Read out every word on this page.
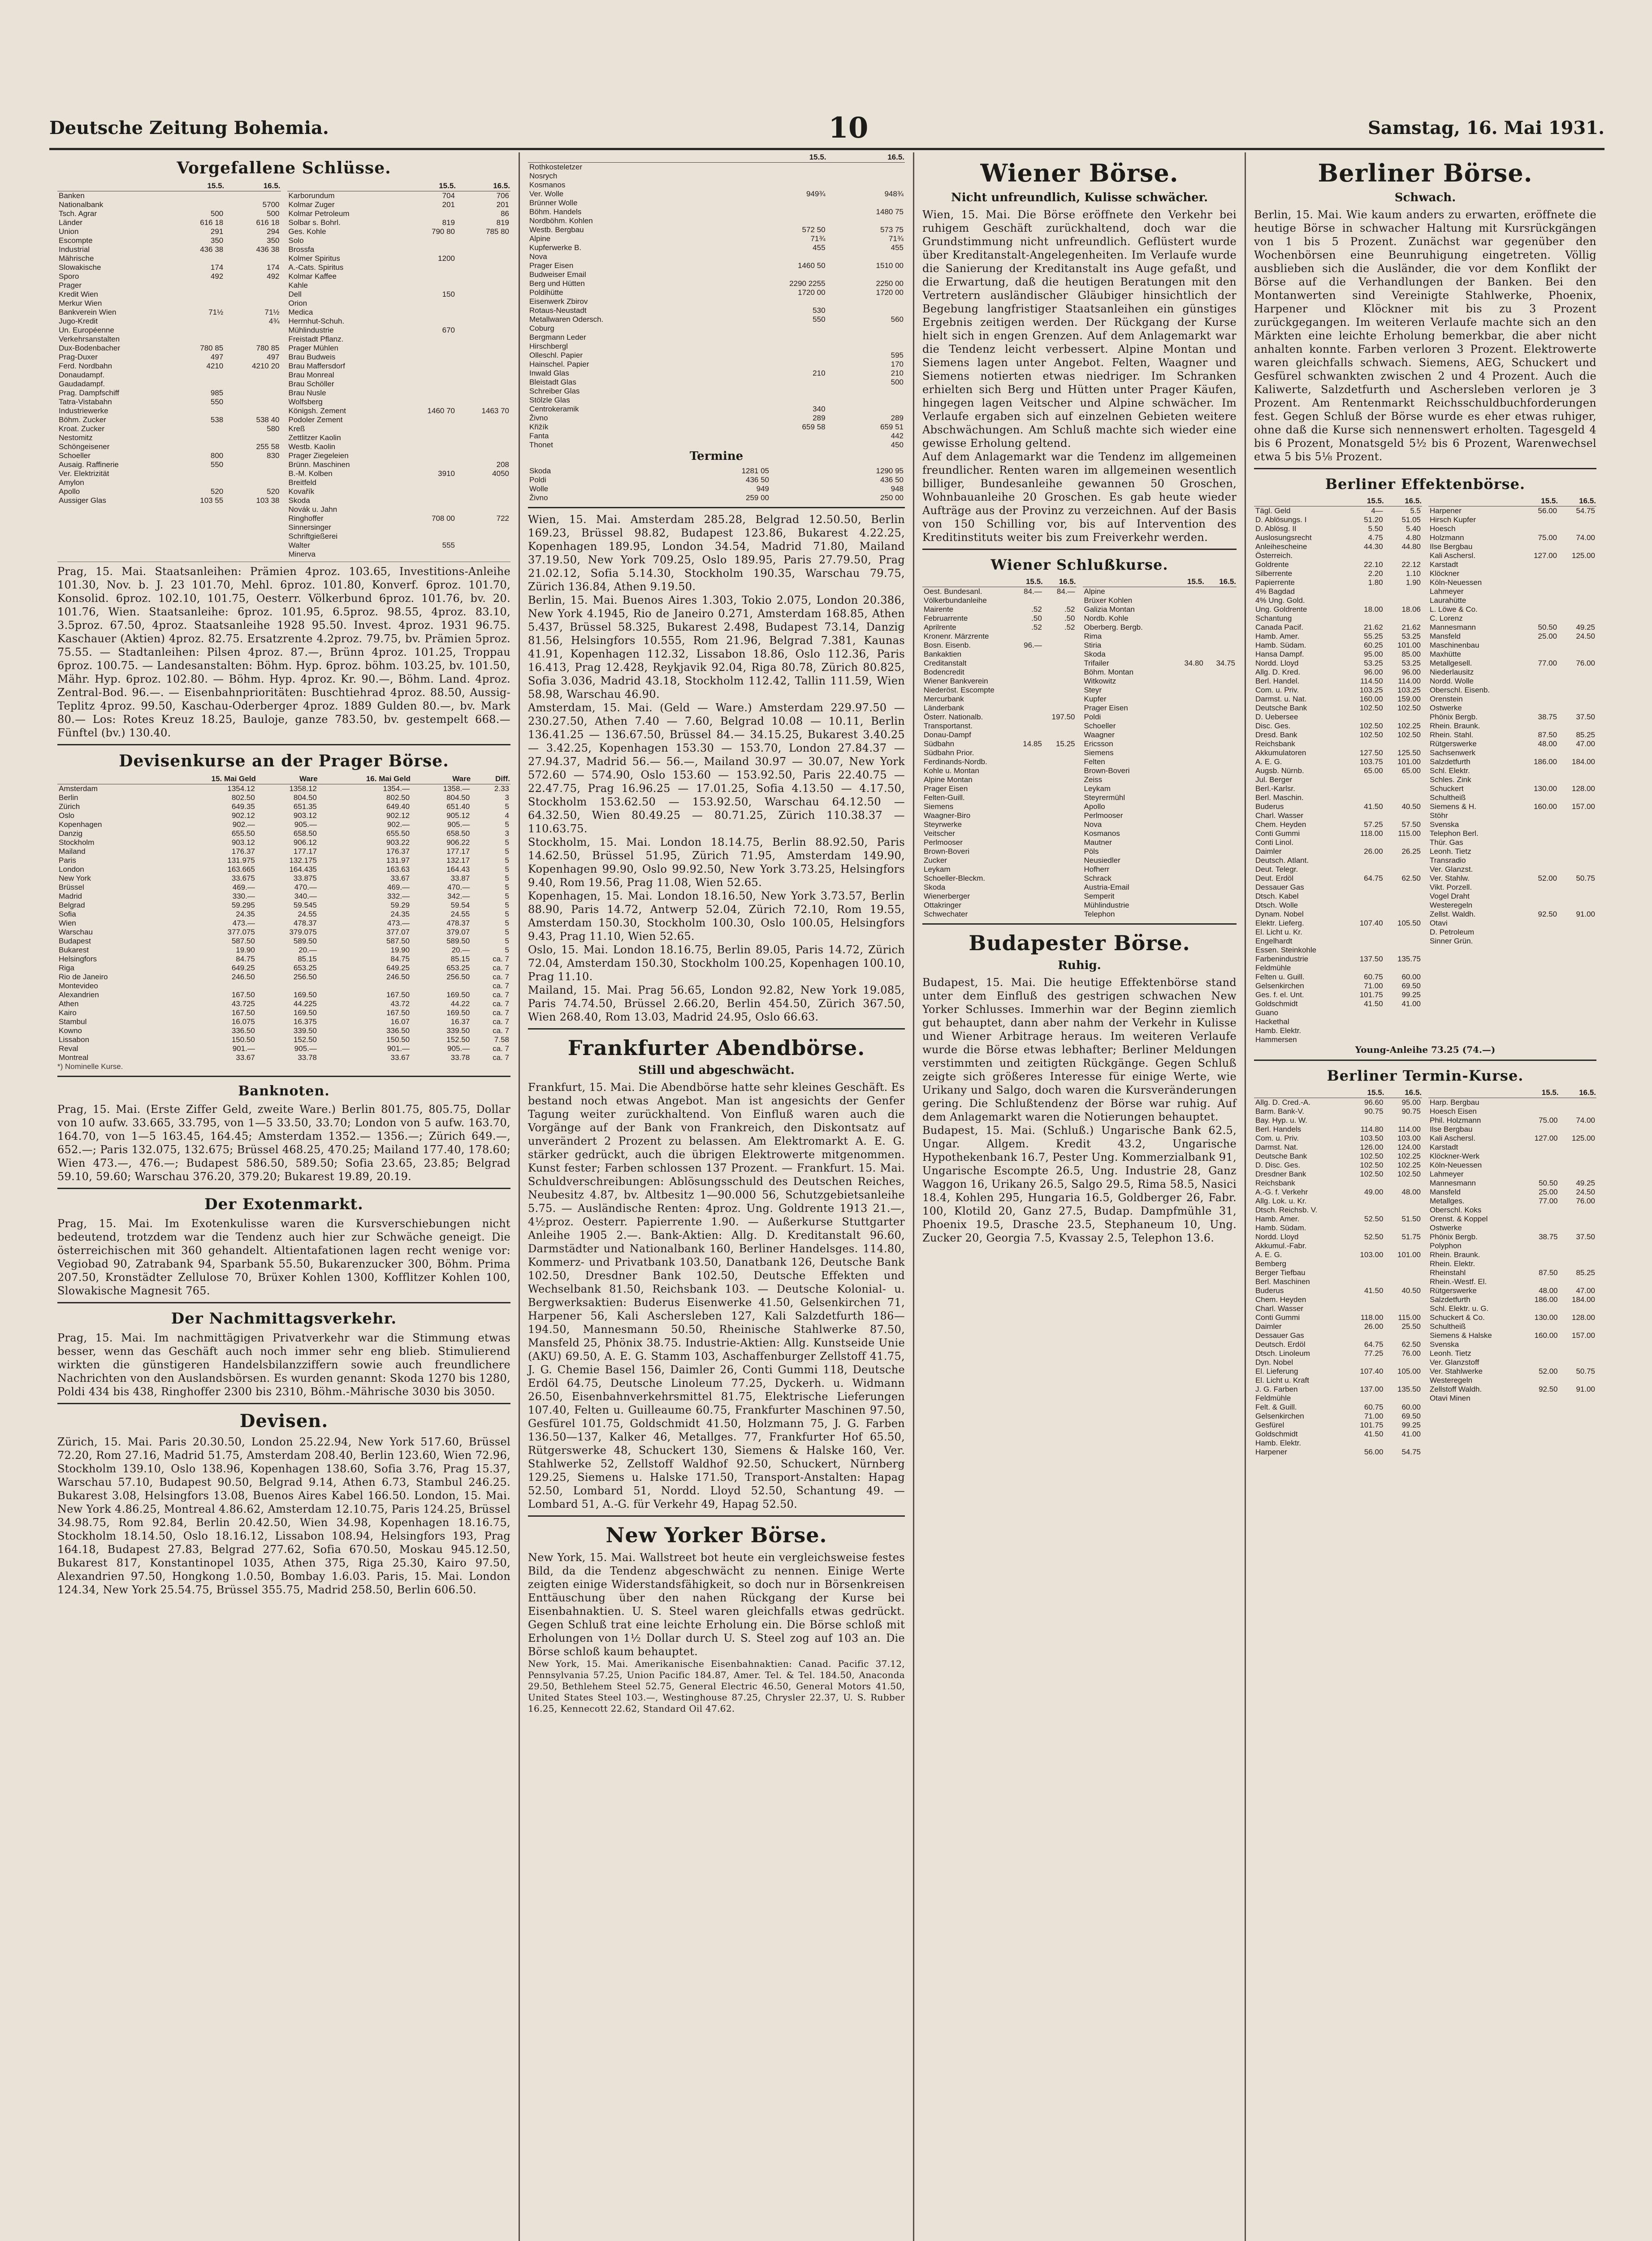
Deutsche Zeitung Bohemia.	10	Samstag, 16. Mai 1931.
Vorgefallene Schlüsse.
	15.5.	16.5.
Banken		
Nationalbank		5700
Tsch. Agrar	500	500
Länder	616 18	616 18
Union	291	294
Escompte	350	350
Industrial	436 38	436 38
Mährische		
Slowakische	174	174
Sporo	492	492
Prager		
Kredit Wien		
Merkur Wien		
Bankverein Wien	71½	71½
Jugo-Kredit		4¾
Un. Européenne		
Verkehrsanstalten		
Dux-Bodenbacher	780 85	780 85
Prag-Duxer	497	497
Ferd. Nordbahn	4210	4210 20
Donaudampf.		
Gaudadampf.		
Prag. Dampfschiff	985	
Tatra-Vistabahn	550	
Industriewerke		
Böhm. Zucker	538	538 40
Kroat. Zucker		580
Nestomitz		
Schöngeisener		255 58
Schoeller	800	830
Ausaig. Raffinerie	550	
Ver. Elektrizität		
Amylon		
Apollo	520	520
Aussiger Glas	103 55	103 38
	15.5.	16.5.
Karborundum	704	706
Kolmar Zuger	201	201
Kolmar Petroleum		86
Solbar s. Bohrl.	819	819
Ges. Kohle	790 80	785 80
Solo		
Brossfa		
Kolmer Spiritus	1200	
A.-Cats. Spiritus		
Kolmar Kaffee		
Kahle		
Dell	150	
Orion		
Medica		
Herrnhut-Schuh.		
Mühlindustrie	670	
Freistadt Pflanz.		
Prager Mühlen		
Brau Budweis		
Brau Maffersdorf		
Brau Monreal		
Brau Schöller		
Brau Nusle		
Wolfsberg		
Königsh. Zement	1460 70	1463 70
Podoler Zement		
Kreß		
Zettlitzer Kaolin		
Westb. Kaolin		
Prager Ziegeleien		
Brünn. Maschinen		208
B.-M. Kolben	3910	4050
Breitfeld		
Kovařík		
Skoda		
Novák u. Jahn		
Ringhoffer	708 00	722
Sinnersinger		
Schriftgießerei		
Walter	555	
Minerva		
Prag, 15. Mai. Staatsanleihen: Prämien 4proz. 103.65, Investitions-Anleihe 101.30, Nov. b. J. 23 101.70, Mehl. 6proz. 101.80, Konverf. 6proz. 101.70, Konsolid. 6proz. 102.10, 101.75, Oesterr. Völkerbund 6proz. 101.76, bv. 20. 101.76, Wien. Staatsanleihe: 6proz. 101.95, 6.5proz. 98.55, 4proz. 83.10, 3.5proz. 67.50, 4proz. Staatsanleihe 1928 95.50. Invest. 4proz. 1931 96.75. Kaschauer (Aktien) 4proz. 82.75. Ersatzrente 4.2proz. 79.75, bv. Prämien 5proz. 75.55. — Stadtanleihen: Pilsen 4proz. 87.—, Brünn 4proz. 101.25, Troppau 6proz. 100.75. — Landesanstalten: Böhm. Hyp. 6proz. böhm. 103.25, bv. 101.50, Mähr. Hyp. 6proz. 102.80. — Böhm. Hyp. 4proz. Kr. 90.—, Böhm. Land. 4proz. Zentral-Bod. 96.—. — Eisenbahnprioritäten: Buschtiehrad 4proz. 88.50, Aussig-Teplitz 4proz. 99.50, Kaschau-Oderberger 4proz. 1889 Gulden 80.—, bv. Mark 80.— Los: Rotes Kreuz 18.25, Bauloje, ganze 783.50, bv. gestempelt 668.— Fünftel (bv.) 130.40.
Devisenkurse an der Prager Börse.
	15. Mai Geld	Ware	16. Mai Geld	Ware	Diff.
Amsterdam	1354.12	1358.12	1354.—	1358.—	2.33
Berlin	802.50	804.50	802.50	804.50	3
Zürich	649.35	651.35	649.40	651.40	5
Oslo	902.12	903.12	902.12	905.12	4
Kopenhagen	902.—	905.—	902.—	905.—	5
Danzig	655.50	658.50	655.50	658.50	3
Stockholm	903.12	906.12	903.22	906.22	5
Mailand	176.37	177.17	176.37	177.17	5
Paris	131.975	132.175	131.97	132.17	5
London	163.665	164.435	163.63	164.43	5
New York	33.675	33.875	33.67	33.87	5
Brüssel	469.—	470.—	469.—	470.—	5
Madrid	330.—	340.—	332.—	342.—	5
Belgrad	59.295	59.545	59.29	59.54	5
Sofia	24.35	24.55	24.35	24.55	5
Wien	473.—	478.37	473.—	478.37	5
Warschau	377.075	379.075	377.07	379.07	5
Budapest	587.50	589.50	587.50	589.50	5
Bukarest	19.90	20.—	19.90	20.—	5
Helsingfors	84.75	85.15	84.75	85.15	ca. 7
Riga	649.25	653.25	649.25	653.25	ca. 7
Rio de Janeiro	246.50	256.50	246.50	256.50	ca. 7
Montevideo					ca. 7
Alexandrien	167.50	169.50	167.50	169.50	ca. 7
Athen	43.725	44.225	43.72	44.22	ca. 7
Kairo	167.50	169.50	167.50	169.50	ca. 7
Stambul	16.075	16.375	16.07	16.37	ca. 7
Kowno	336.50	339.50	336.50	339.50	ca. 7
Lissabon	150.50	152.50	150.50	152.50	7.58
Reval	901.—	905.—	901.—	905.—	ca. 7
Montreal	33.67	33.78	33.67	33.78	ca. 7
*) Nominelle Kurse.
Banknoten.
Prag, 15. Mai. (Erste Ziffer Geld, zweite Ware.) Berlin 801.75, 805.75, Dollar von 10 aufw. 33.665, 33.795, von 1—5 33.50, 33.70; London von 5 aufw. 163.70, 164.70, von 1—5 163.45, 164.45; Amsterdam 1352.— 1356.—; Zürich 649.—, 652.—; Paris 132.075, 132.675; Brüssel 468.25, 470.25; Mailand 177.40, 178.60; Wien 473.—, 476.—; Budapest 586.50, 589.50; Sofia 23.65, 23.85; Belgrad 59.10, 59.60; Warschau 376.20, 379.20; Bukarest 19.89, 20.19.
Der Exotenmarkt.
Prag, 15. Mai. Im Exotenkulisse waren die Kursverschiebungen nicht bedeutend, trotzdem war die Tendenz auch hier zur Schwäche geneigt. Die österreichischen mit 360 gehandelt. Altientafationen lagen recht wenige vor: Vegiobad 90, Zatrabank 94, Sparbank 55.50, Bukarenzucker 300, Böhm. Prima 207.50, Kronstädter Zellulose 70, Brüxer Kohlen 1300, Kofflitzer Kohlen 100, Slowakische Magnesit 765.
Der Nachmittagsverkehr.
Prag, 15. Mai. Im nachmittägigen Privatverkehr war die Stimmung etwas besser, wenn das Geschäft auch noch immer sehr eng blieb. Stimulierend wirkten die günstigeren Handelsbilanzziffern sowie auch freundlichere Nachrichten von den Auslandsbörsen. Es wurden genannt: Skoda 1270 bis 1280, Poldi 434 bis 438, Ringhoffer 2300 bis 2310, Böhm.-Mährische 3030 bis 3050.
Devisen.
Zürich, 15. Mai. Paris 20.30.50, London 25.22.94, New York 517.60, Brüssel 72.20, Rom 27.16, Madrid 51.75, Amsterdam 208.40, Berlin 123.60, Wien 72.96, Stockholm 139.10, Oslo 138.96, Kopenhagen 138.60, Sofia 3.76, Prag 15.37, Warschau 57.10, Budapest 90.50, Belgrad 9.14, Athen 6.73, Stambul 246.25. Bukarest 3.08, Helsingfors 13.08, Buenos Aires Kabel 166.50. London, 15. Mai. New York 4.86.25, Montreal 4.86.62, Amsterdam 12.10.75, Paris 124.25, Brüssel 34.98.75, Rom 92.84, Berlin 20.42.50, Wien 34.98, Kopenhagen 18.16.75, Stockholm 18.14.50, Oslo 18.16.12, Lissabon 108.94, Helsingfors 193, Prag 164.18, Budapest 27.83, Belgrad 277.62, Sofia 670.50, Moskau 945.12.50, Bukarest 817, Konstantinopel 1035, Athen 375, Riga 25.30, Kairo 97.50, Alexandrien 97.50, Hongkong 1.0.50, Bombay 1.6.03. Paris, 15. Mai. London 124.34, New York 25.54.75, Brüssel 355.75, Madrid 258.50, Berlin 606.50.
	15.5.	16.5.
Rothkosteletzer		
Nosrych		
Kosmanos		
Ver. Wolle	949¾	948¾
Brünner Wolle		
Böhm. Handels		1480 75
Nordböhm. Kohlen		
Westb. Bergbau	572 50	573 75
Alpine	71¾	71¾
Kupferwerke B.	455	455
Nova		
Prager Eisen	1460 50	1510 00
Budweiser Email		
Berg und Hütten	2290 2255	2250 00
Poldihütte	1720 00	1720 00
Eisenwerk Zbirov		
Rotaus-Neustadt	530	
Metallwaren Odersch.	550	560
Coburg		
Bergmann Leder		
Hirschbergl		
Olleschl. Papier		595
Hainschel. Papier		170
Inwald Glas	210	210
Bleistadt Glas		500
Schreiber Glas		
Stölzle Glas		
Centrokeramik	340	
Živno	289	289
Křižík	659 58	659 51
Fanta		442
Thonet		450
Termine
Skoda	1281 05	1290 95
Poldi	436 50	436 50
Wolle	949	948
Živno	259 00	250 00
Wien, 15. Mai. Amsterdam 285.28, Belgrad 12.50.50, Berlin 169.23, Brüssel 98.82, Budapest 123.86, Bukarest 4.22.25, Kopenhagen 189.95, London 34.54, Madrid 71.80, Mailand 37.19.50, New York 709.25, Oslo 189.95, Paris 27.79.50, Prag 21.02.12, Sofia 5.14.30, Stockholm 190.35, Warschau 79.75, Zürich 136.84, Athen 9.19.50.
Berlin, 15. Mai. Buenos Aires 1.303, Tokio 2.075, London 20.386, New York 4.1945, Rio de Janeiro 0.271, Amsterdam 168.85, Athen 5.437, Brüssel 58.325, Bukarest 2.498, Budapest 73.14, Danzig 81.56, Helsingfors 10.555, Rom 21.96, Belgrad 7.381, Kaunas 41.91, Kopenhagen 112.32, Lissabon 18.86, Oslo 112.36, Paris 16.413, Prag 12.428, Reykjavik 92.04, Riga 80.78, Zürich 80.825, Sofia 3.036, Madrid 43.18, Stockholm 112.42, Tallin 111.59, Wien 58.98, Warschau 46.90.
Amsterdam, 15. Mai. (Geld — Ware.) Amsterdam 229.97.50 — 230.27.50, Athen 7.40 — 7.60, Belgrad 10.08 — 10.11, Berlin 136.41.25 — 136.67.50, Brüssel 84.— 34.15.25, Bukarest 3.40.25 — 3.42.25, Kopenhagen 153.30 — 153.70, London 27.84.37 — 27.94.37, Madrid 56.— 56.—, Mailand 30.97 — 30.07, New York 572.60 — 574.90, Oslo 153.60 — 153.92.50, Paris 22.40.75 — 22.47.75, Prag 16.96.25 — 17.01.25, Sofia 4.13.50 — 4.17.50, Stockholm 153.62.50 — 153.92.50, Warschau 64.12.50 — 64.32.50, Wien 80.49.25 — 80.71.25, Zürich 110.38.37 — 110.63.75.
Stockholm, 15. Mai. London 18.14.75, Berlin 88.92.50, Paris 14.62.50, Brüssel 51.95, Zürich 71.95, Amsterdam 149.90, Kopenhagen 99.90, Oslo 99.92.50, New York 3.73.25, Helsingfors 9.40, Rom 19.56, Prag 11.08, Wien 52.65.
Kopenhagen, 15. Mai. London 18.16.50, New York 3.73.57, Berlin 88.90, Paris 14.72, Antwerp 52.04, Zürich 72.10, Rom 19.55, Amsterdam 150.30, Stockholm 100.30, Oslo 100.05, Helsingfors 9.43, Prag 11.10, Wien 52.65.
Oslo, 15. Mai. London 18.16.75, Berlin 89.05, Paris 14.72, Zürich 72.04, Amsterdam 150.30, Stockholm 100.25, Kopenhagen 100.10, Prag 11.10.
Mailand, 15. Mai. Prag 56.65, London 92.82, New York 19.085, Paris 74.74.50, Brüssel 2.66.20, Berlin 454.50, Zürich 367.50, Wien 268.40, Rom 13.03, Madrid 24.95, Oslo 66.63.
Frankfurter Abendbörse.
Still und abgeschwächt.
Frankfurt, 15. Mai. Die Abendbörse hatte sehr kleines Geschäft. Es bestand noch etwas Angebot. Man ist angesichts der Genfer Tagung weiter zurückhaltend. Von Einfluß waren auch die Vorgänge auf der Bank von Frankreich, den Diskontsatz auf unverändert 2 Prozent zu belassen. Am Elektromarkt A. E. G. stärker gedrückt, auch die übrigen Elektrowerte mitgenommen. Kunst fester; Farben schlossen 137 Prozent. — Frankfurt. 15. Mai. Schuldverschreibungen: Ablösungsschuld des Deutschen Reiches, Neubesitz 4.87, bv. Altbesitz 1—90.000 56, Schutzgebietsanleihe 5.75. — Ausländische Renten: 4proz. Ung. Goldrente 1913 21.—, 4½proz. Oesterr. Papierrente 1.90. — Außerkurse Stuttgarter Anleihe 1905 2.—. Bank-Aktien: Allg. D. Kreditanstalt 96.60, Darmstädter und Nationalbank 160, Berliner Handelsges. 114.80, Kommerz- und Privatbank 103.50, Danatbank 126, Deutsche Bank 102.50, Dresdner Bank 102.50, Deutsche Effekten und Wechselbank 81.50, Reichsbank 103. — Deutsche Kolonial- u. Bergwerksaktien: Buderus Eisenwerke 41.50, Gelsenkirchen 71, Harpener 56, Kali Aschersleben 127, Kali Salzdetfurth 186—194.50, Mannesmann 50.50, Rheinische Stahlwerke 87.50, Mansfeld 25, Phönix 38.75. Industrie-Aktien: Allg. Kunstseide Unie (AKU) 69.50, A. E. G. Stamm 103, Aschaffenburger Zellstoff 41.75, J. G. Chemie Basel 156, Daimler 26, Conti Gummi 118, Deutsche Erdöl 64.75, Deutsche Linoleum 77.25, Dyckerh. u. Widmann 26.50, Eisenbahnverkehrsmittel 81.75, Elektrische Lieferungen 107.40, Felten u. Guilleaume 60.75, Frankfurter Maschinen 97.50, Gesfürel 101.75, Goldschmidt 41.50, Holzmann 75, J. G. Farben 136.50—137, Kalker 46, Metallges. 77, Frankfurter Hof 65.50, Rütgerswerke 48, Schuckert 130, Siemens & Halske 160, Ver. Stahlwerke 52, Zellstoff Waldhof 92.50, Schuckert, Nürnberg 129.25, Siemens u. Halske 171.50, Transport-Anstalten: Hapag 52.50, Lombard 51, Nordd. Lloyd 52.50, Schantung 49. — Lombard 51, A.-G. für Verkehr 49, Hapag 52.50.
New Yorker Börse.
New York, 15. Mai. Wallstreet bot heute ein vergleichsweise festes Bild, da die Tendenz abgeschwächt zu nennen. Einige Werte zeigten einige Widerstandsfähigkeit, so doch nur in Börsenkreisen Enttäuschung über den nahen Rückgang der Kurse bei Eisenbahnaktien. U. S. Steel waren gleichfalls etwas gedrückt. Gegen Schluß trat eine leichte Erholung ein. Die Börse schloß mit Erholungen von 1½ Dollar durch U. S. Steel zog auf 103 an. Die Börse schloß kaum behauptet.
New York, 15. Mai. Amerikanische Eisenbahnaktien: Canad. Pacific 37.12, Pennsylvania 57.25, Union Pacific 184.87, Amer. Tel. & Tel. 184.50, Anaconda 29.50, Bethlehem Steel 52.75, General Electric 46.50, General Motors 41.50, United States Steel 103.—, Westinghouse 87.25, Chrysler 22.37, U. S. Rubber 16.25, Kennecott 22.62, Standard Oil 47.62.
Wiener Börse.
Nicht unfreundlich, Kulisse schwächer.
Wien, 15. Mai. Die Börse eröffnete den Verkehr bei ruhigem Geschäft zurückhaltend, doch war die Grundstimmung nicht unfreundlich. Geflüstert wurde über Kreditanstalt-Angelegenheiten. Im Verlaufe wurde die Sanierung der Kreditanstalt ins Auge gefaßt, und die Erwartung, daß die heutigen Beratungen mit den Vertretern ausländischer Gläubiger hinsichtlich der Begebung langfristiger Staatsanleihen ein günstiges Ergebnis zeitigen werden. Der Rückgang der Kurse hielt sich in engen Grenzen. Auf dem Anlagemarkt war die Tendenz leicht verbessert. Alpine Montan und Siemens lagen unter Angebot. Felten, Waagner und Siemens notierten etwas niedriger. Im Schranken erhielten sich Berg und Hütten unter Prager Käufen, hingegen lagen Veitscher und Alpine schwächer. Im Verlaufe ergaben sich auf einzelnen Gebieten weitere Abschwächungen. Am Schluß machte sich wieder eine gewisse Erholung geltend.
Auf dem Anlagemarkt war die Tendenz im allgemeinen freundlicher. Renten waren im allgemeinen wesentlich billiger, Bundesanleihe gewannen 50 Groschen, Wohnbauanleihe 20 Groschen. Es gab heute wieder Aufträge aus der Provinz zu verzeichnen. Auf der Basis von 150 Schilling vor, bis auf Intervention des Kreditinstituts weiter bis zum Freiverkehr werden.
Wiener Schlußkurse.
	15.5.	16.5.
Oest. Bundesanl.	84.—	84.—
Völkerbundanleihe		
Mairente	.52	.52
Februarrente	.50	.50
Aprilrente	.52	.52
Kronenr. Märzrente		
Bosn. Eisenb.	96.—	
Bankaktien		
Creditanstalt		
Bodencredit		
Wiener Bankverein		
Niederöst. Escompte		
Mercurbank		
Länderbank		
Österr. Nationalb.		197.50
Transportanst.		
Donau-Dampf		
Südbahn	14.85	15.25
Südbahn Prior.		
Ferdinands-Nordb.		
Kohle u. Montan		
Alpine Montan		
Prager Eisen		
Felten-Guill.		
Siemens		
Waagner-Biro		
Steyrwerke		
Veitscher		
Perlmooser		
Brown-Boveri		
Zucker		
Leykam		
Schoeller-Bleckm.		
Skoda		
Wienerberger		
Ottakringer		
Schwechater		
	15.5.	16.5.
Alpine		
Brüxer Kohlen		
Galizia Montan		
Nordb. Kohle		
Oberberg. Bergb.		
Rima		
Stiria		
Skoda		
Trifailer	34.80	34.75
Böhm. Montan		
Witkowitz		
Steyr		
Kupfer		
Prager Eisen		
Poldi		
Schoeller		
Waagner		
Ericsson		
Siemens		
Felten		
Brown-Boveri		
Zeiss		
Leykam		
Steyrermühl		
Apollo		
Perlmooser		
Nova		
Kosmanos		
Mautner		
Pöls		
Neusiedler		
Hofherr		
Schrack		
Austria-Email		
Semperit		
Mühlindustrie		
Telephon		
Budapester Börse.
Ruhig.
Budapest, 15. Mai. Die heutige Effektenbörse stand unter dem Einfluß des gestrigen schwachen New Yorker Schlusses. Immerhin war der Beginn ziemlich gut behauptet, dann aber nahm der Verkehr in Kulisse und Wiener Arbitrage heraus. Im weiteren Verlaufe wurde die Börse etwas lebhafter; Berliner Meldungen verstimmten und zeitigten Rückgänge. Gegen Schluß zeigte sich größeres Interesse für einige Werte, wie Urikany und Salgo, doch waren die Kursveränderungen gering. Die Schlußtendenz der Börse war ruhig. Auf dem Anlagemarkt waren die Notierungen behauptet.
Budapest, 15. Mai. (Schluß.) Ungarische Bank 62.5, Ungar. Allgem. Kredit 43.2, Ungarische Hypothekenbank 16.7, Pester Ung. Kommerzialbank 91, Ungarische Escompte 26.5, Ung. Industrie 28, Ganz Waggon 16, Urikany 26.5, Salgo 29.5, Rima 58.5, Nasici 18.4, Kohlen 295, Hungaria 16.5, Goldberger 26, Fabr. 100, Klotild 20, Ganz 27.5, Budap. Dampfmühle 31, Phoenix 19.5, Drasche 23.5, Stephaneum 10, Ung. Zucker 20, Georgia 7.5, Kvassay 2.5, Telephon 13.6.
Berliner Börse.
Schwach.
Berlin, 15. Mai. Wie kaum anders zu erwarten, eröffnete die heutige Börse in schwacher Haltung mit Kursrückgängen von 1 bis 5 Prozent. Zunächst war gegenüber den Wochenbörsen eine Beunruhigung eingetreten. Völlig ausblieben sich die Ausländer, die vor dem Konflikt der Börse auf die Verhandlungen der Banken. Bei den Montanwerten sind Vereinigte Stahlwerke, Phoenix, Harpener und Klöckner mit bis zu 3 Prozent zurückgegangen. Im weiteren Verlaufe machte sich an den Märkten eine leichte Erholung bemerkbar, die aber nicht anhalten konnte. Farben verloren 3 Prozent. Elektrowerte waren gleichfalls schwach. Siemens, AEG, Schuckert und Gesfürel schwankten zwischen 2 und 4 Prozent. Auch die Kaliwerte, Salzdetfurth und Aschersleben verloren je 3 Prozent. Am Rentenmarkt Reichsschuldbuchforderungen fest. Gegen Schluß der Börse wurde es eher etwas ruhiger, ohne daß die Kurse sich nennenswert erholten. Tagesgeld 4 bis 6 Prozent, Monatsgeld 5½ bis 6 Prozent, Warenwechsel etwa 5 bis 5⅛ Prozent.
Berliner Effektenbörse.
	15.5.	16.5.
Tägl. Geld	4—	5.5
D. Ablösungs. I	51.20	51.05
D. Ablösg. II	5.50	5.40
Auslosungsrecht	4.75	4.80
Anleihescheine	44.30	44.80
Österreich.		
Goldrente	22.10	22.12
Silberrente	2.20	1.10
Papierrente	1.80	1.90
4% Bagdad		
4% Ung. Gold.		
Ung. Goldrente	18.00	18.06
Schantung		
Canada Pacif.	21.62	21.62
Hamb. Amer.	55.25	53.25
Hamb. Südam.	60.25	101.00
Hansa Dampf.	95.00	85.00
Nordd. Lloyd	53.25	53.25
Allg. D. Kred.	96.00	96.00
Berl. Handel.	114.50	114.00
Com. u. Priv.	103.25	103.25
Darmst. u. Nat.	160.00	159.00
Deutsche Bank	102.50	102.50
D. Uebersee		
Disc. Ges.	102.50	102.25
Dresd. Bank	102.50	102.50
Reichsbank		
Akkumulatoren	127.50	125.50
A. E. G.	103.75	101.00
Augsb. Nürnb.	65.00	65.00
Jul. Berger		
Berl.-Karlsr.		
Berl. Maschin.		
Buderus	41.50	40.50
Charl. Wasser		
Chem. Heyden	57.25	57.50
Conti Gummi	118.00	115.00
Conti Linol.		
Daimler	26.00	26.25
Deutsch. Atlant.		
Deut. Telegr.		
Deut. Erdöl	64.75	62.50
Dessauer Gas		
Dtsch. Kabel		
Dtsch. Wolle		
Dynam. Nobel		
Elektr. Lieferg.	107.40	105.50
El. Licht u. Kr.		
Engelhardt		
Essen. Steinkohle		
Farbenindustrie	137.50	135.75
Feldmühle		
Felten u. Guill.	60.75	60.00
Gelsenkirchen	71.00	69.50
Ges. f. el. Unt.	101.75	99.25
Goldschmidt	41.50	41.00
Guano		
Hackethal		
Hamb. Elektr.		
Hammersen		
	15.5.	16.5.
Harpener	56.00	54.75
Hirsch Kupfer		
Hoesch		
Holzmann	75.00	74.00
Ilse Bergbau		
Kali Aschersl.	127.00	125.00
Karstadt		
Klöckner		
Köln-Neuessen		
Lahmeyer		
Laurahütte		
L. Löwe & Co.		
C. Lorenz		
Mannesmann	50.50	49.25
Mansfeld	25.00	24.50
Maschinenbau		
Maxhütte		
Metallgesell.	77.00	76.00
Niederlausitz		
Nordd. Wolle		
Oberschl. Eisenb.		
Orenstein		
Ostwerke		
Phönix Bergb.	38.75	37.50
Rhein. Braunk.		
Rhein. Stahl.	87.50	85.25
Rütgerswerke	48.00	47.00
Sachsenwerk		
Salzdetfurth	186.00	184.00
Schl. Elektr.		
Schles. Zink		
Schuckert	130.00	128.00
Schultheiß		
Siemens & H.	160.00	157.00
Stöhr		
Svenska		
Telephon Berl.		
Thür. Gas		
Leonh. Tietz		
Transradio		
Ver. Glanzst.		
Ver. Stahlw.	52.00	50.75
Vikt. Porzell.		
Vogel Draht		
Westeregeln		
Zellst. Waldh.	92.50	91.00
Otavi		
D. Petroleum		
Sinner Grün.		
Young-Anleihe 73.25 (74.—)
Berliner Termin-Kurse.
	15.5.	16.5.
Allg. D. Cred.-A.	96.60	95.00
Barm. Bank-V.	90.75	90.75
Bay. Hyp. u. W.		
Berl. Handels	114.80	114.00
Com. u. Priv.	103.50	103.00
Darmst. Nat.	126.00	124.00
Deutsche Bank	102.50	102.25
D. Disc. Ges.	102.50	102.25
Dresdner Bank	102.50	102.50
Reichsbank		
A.-G. f. Verkehr	49.00	48.00
Allg. Lok. u. Kr.		
Dtsch. Reichsb. V.		
Hamb. Amer.	52.50	51.50
Hamb. Südam.		
Nordd. Lloyd	52.50	51.75
Akkumul.-Fabr.		
A. E. G.	103.00	101.00
Bemberg		
Berger Tiefbau		
Berl. Maschinen		
Buderus	41.50	40.50
Chem. Heyden		
Charl. Wasser		
Conti Gummi	118.00	115.00
Daimler	26.00	25.50
Dessauer Gas		
Deutsch. Erdöl	64.75	62.50
Dtsch. Linoleum	77.25	76.00
Dyn. Nobel		
El. Lieferung	107.40	105.00
El. Licht u. Kraft		
J. G. Farben	137.00	135.50
Feldmühle		
Felt. & Guill.	60.75	60.00
Gelsenkirchen	71.00	69.50
Gesfürel	101.75	99.25
Goldschmidt	41.50	41.00
Hamb. Elektr.		
Harpener	56.00	54.75
	15.5.	16.5.
Harp. Bergbau		
Hoesch Eisen		
Phil. Holzmann	75.00	74.00
Ilse Bergbau		
Kali Aschersl.	127.00	125.00
Karstadt		
Klöckner-Werk		
Köln-Neuessen		
Lahmeyer		
Mannesmann	50.50	49.25
Mansfeld	25.00	24.50
Metallges.	77.00	76.00
Oberschl. Koks		
Orenst. & Koppel		
Ostwerke		
Phönix Bergb.	38.75	37.50
Polyphon		
Rhein. Braunk.		
Rhein. Elektr.		
Rheinstahl	87.50	85.25
Rhein.-Westf. El.		
Rütgerswerke	48.00	47.00
Salzdetfurth	186.00	184.00
Schl. Elektr. u. G.		
Schuckert & Co.	130.00	128.00
Schultheiß		
Siemens & Halske	160.00	157.00
Svenska		
Leonh. Tietz		
Ver. Glanzstoff		
Ver. Stahlwerke	52.00	50.75
Westeregeln		
Zellstoff Waldh.	92.50	91.00
Otavi Minen		
